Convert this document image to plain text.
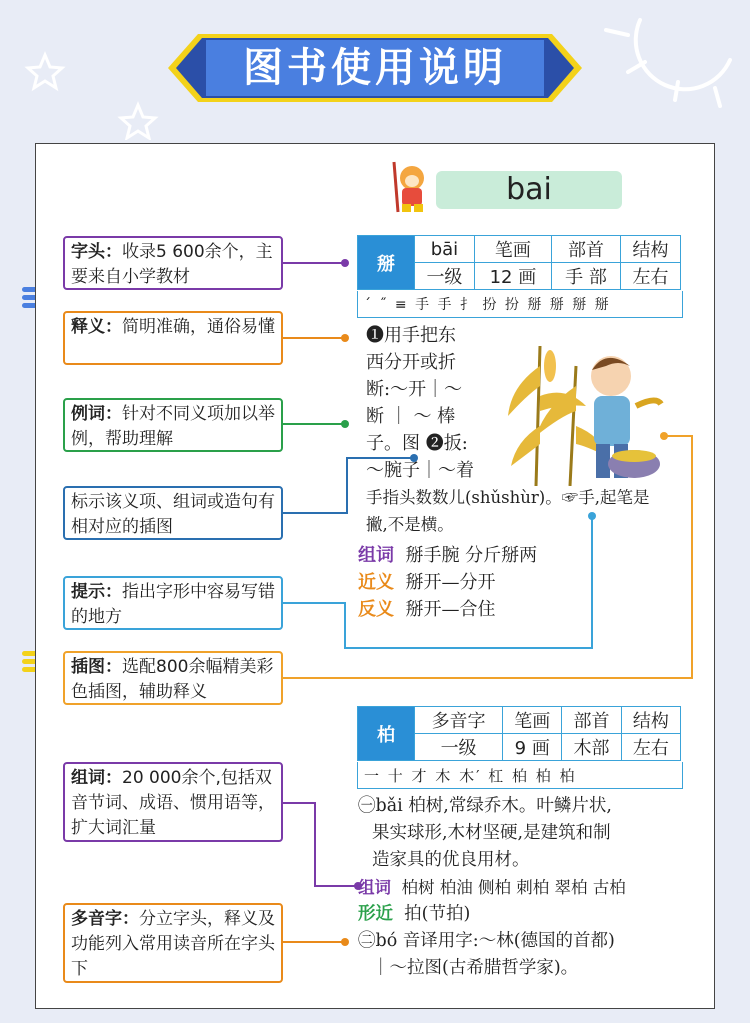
图书使用说明
bai
字头：收录5 600余个，主要来自小学教材
释义：简明准确，通俗易懂
例词：针对不同义项加以举例，帮助理解
标示该义项、组词或造句有相对应的插图
提示：指出字形中容易写错的地方
插图：选配800余幅精美彩色插图，辅助释义
组词：20 000余个,包括双音节词、成语、惯用语等，扩大词汇量
多音字：分立字头，释义及功能列入常用读音所在字头下
掰	bāi	笔画	部首	结构
	一级	12 画	手 部	左右
´ ˝ ≡ 手 手 扌 扮 扮 掰 掰 掰 掰
❶用手把东
西分开或折
断:～开｜～
断 ｜ ～ 棒
子。图 ❷扳:
～腕子｜～着
手指头数数儿(shǔshùr)。☞手,起笔是
撇,不是横。
组词 掰手腕 分斤掰两
近义 掰开—分开
反义 掰开—合住
柏	多音字	笔画	部首	结构
	一级	9 画	木部	左右
一 十 才 木 木′ 杠 柏 柏 柏
㊀bǎi 柏树,常绿乔木。叶鳞片状,
果实球形,木材坚硬,是建筑和制
造家具的优良用材。
组词 柏树 柏油 侧柏 刺柏 翠柏 古柏
形近 拍(节拍)
㊁bó 音译用字:～林(德国的首都)
｜～拉图(古希腊哲学家)。
